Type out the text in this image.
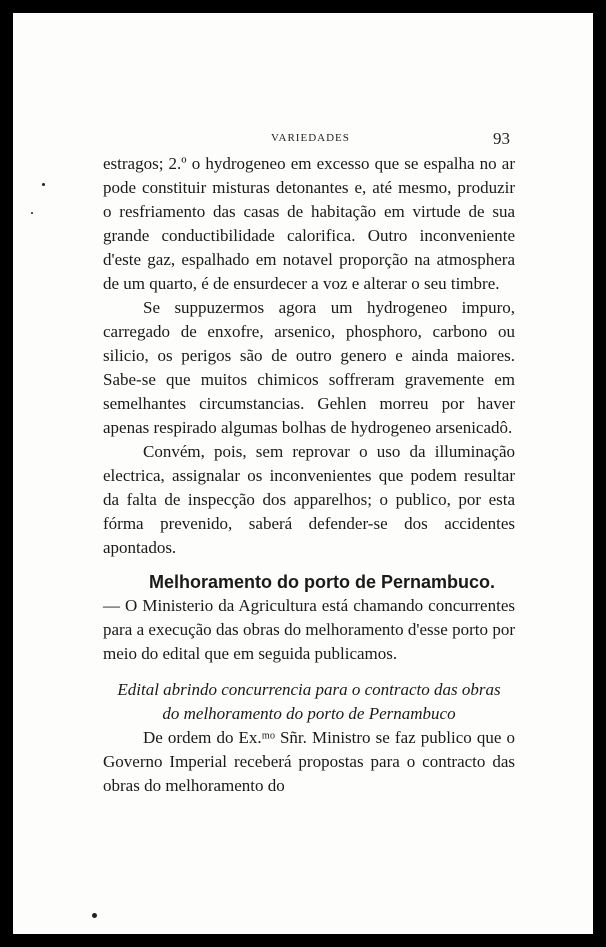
VARIEDADES	93

estragos; 2.º o hydrogeneo em excesso que se espalha no ar pode constituir misturas detonantes e, até mesmo, produzir o resfriamento das casas de habitação em virtude de sua grande conductibilidade calorifica. Outro inconveniente d'este gaz, espalhado em notavel proporção na atmosphera de um quarto, é de ensurdecer a voz e alterar o seu timbre.

Se suppuzermos agora um hydrogeneo impuro, carregado de enxofre, arsenico, phosphoro, carbono ou silicio, os perigos são de outro genero e ainda maiores. Sabe-se que muitos chimicos soffreram gravemente em semelhantes circumstancias. Gehlen morreu por haver apenas respirado algumas bolhas de hydrogeneo arsenicadô.

Convém, pois, sem reprovar o uso da illuminação electrica, assignalar os inconvenientes que podem resultar da falta de inspecção dos apparelhos; o publico, por esta fórma prevenido, saberá defender-se dos accidentes apontados.

Melhoramento do porto de Pernambuco.

— O Ministerio da Agricultura está chamando concurrentes para a execução das obras do melhoramento d'esse porto por meio do edital que em seguida publicamos.

Edital abrindo concurrencia para o contracto das obras
do melhoramento do porto de Pernambuco

De ordem do Ex.ᵐᵒ Sñr. Ministro se faz publico que o Governo Imperial receberá propostas para o contracto das obras do melhoramento do
